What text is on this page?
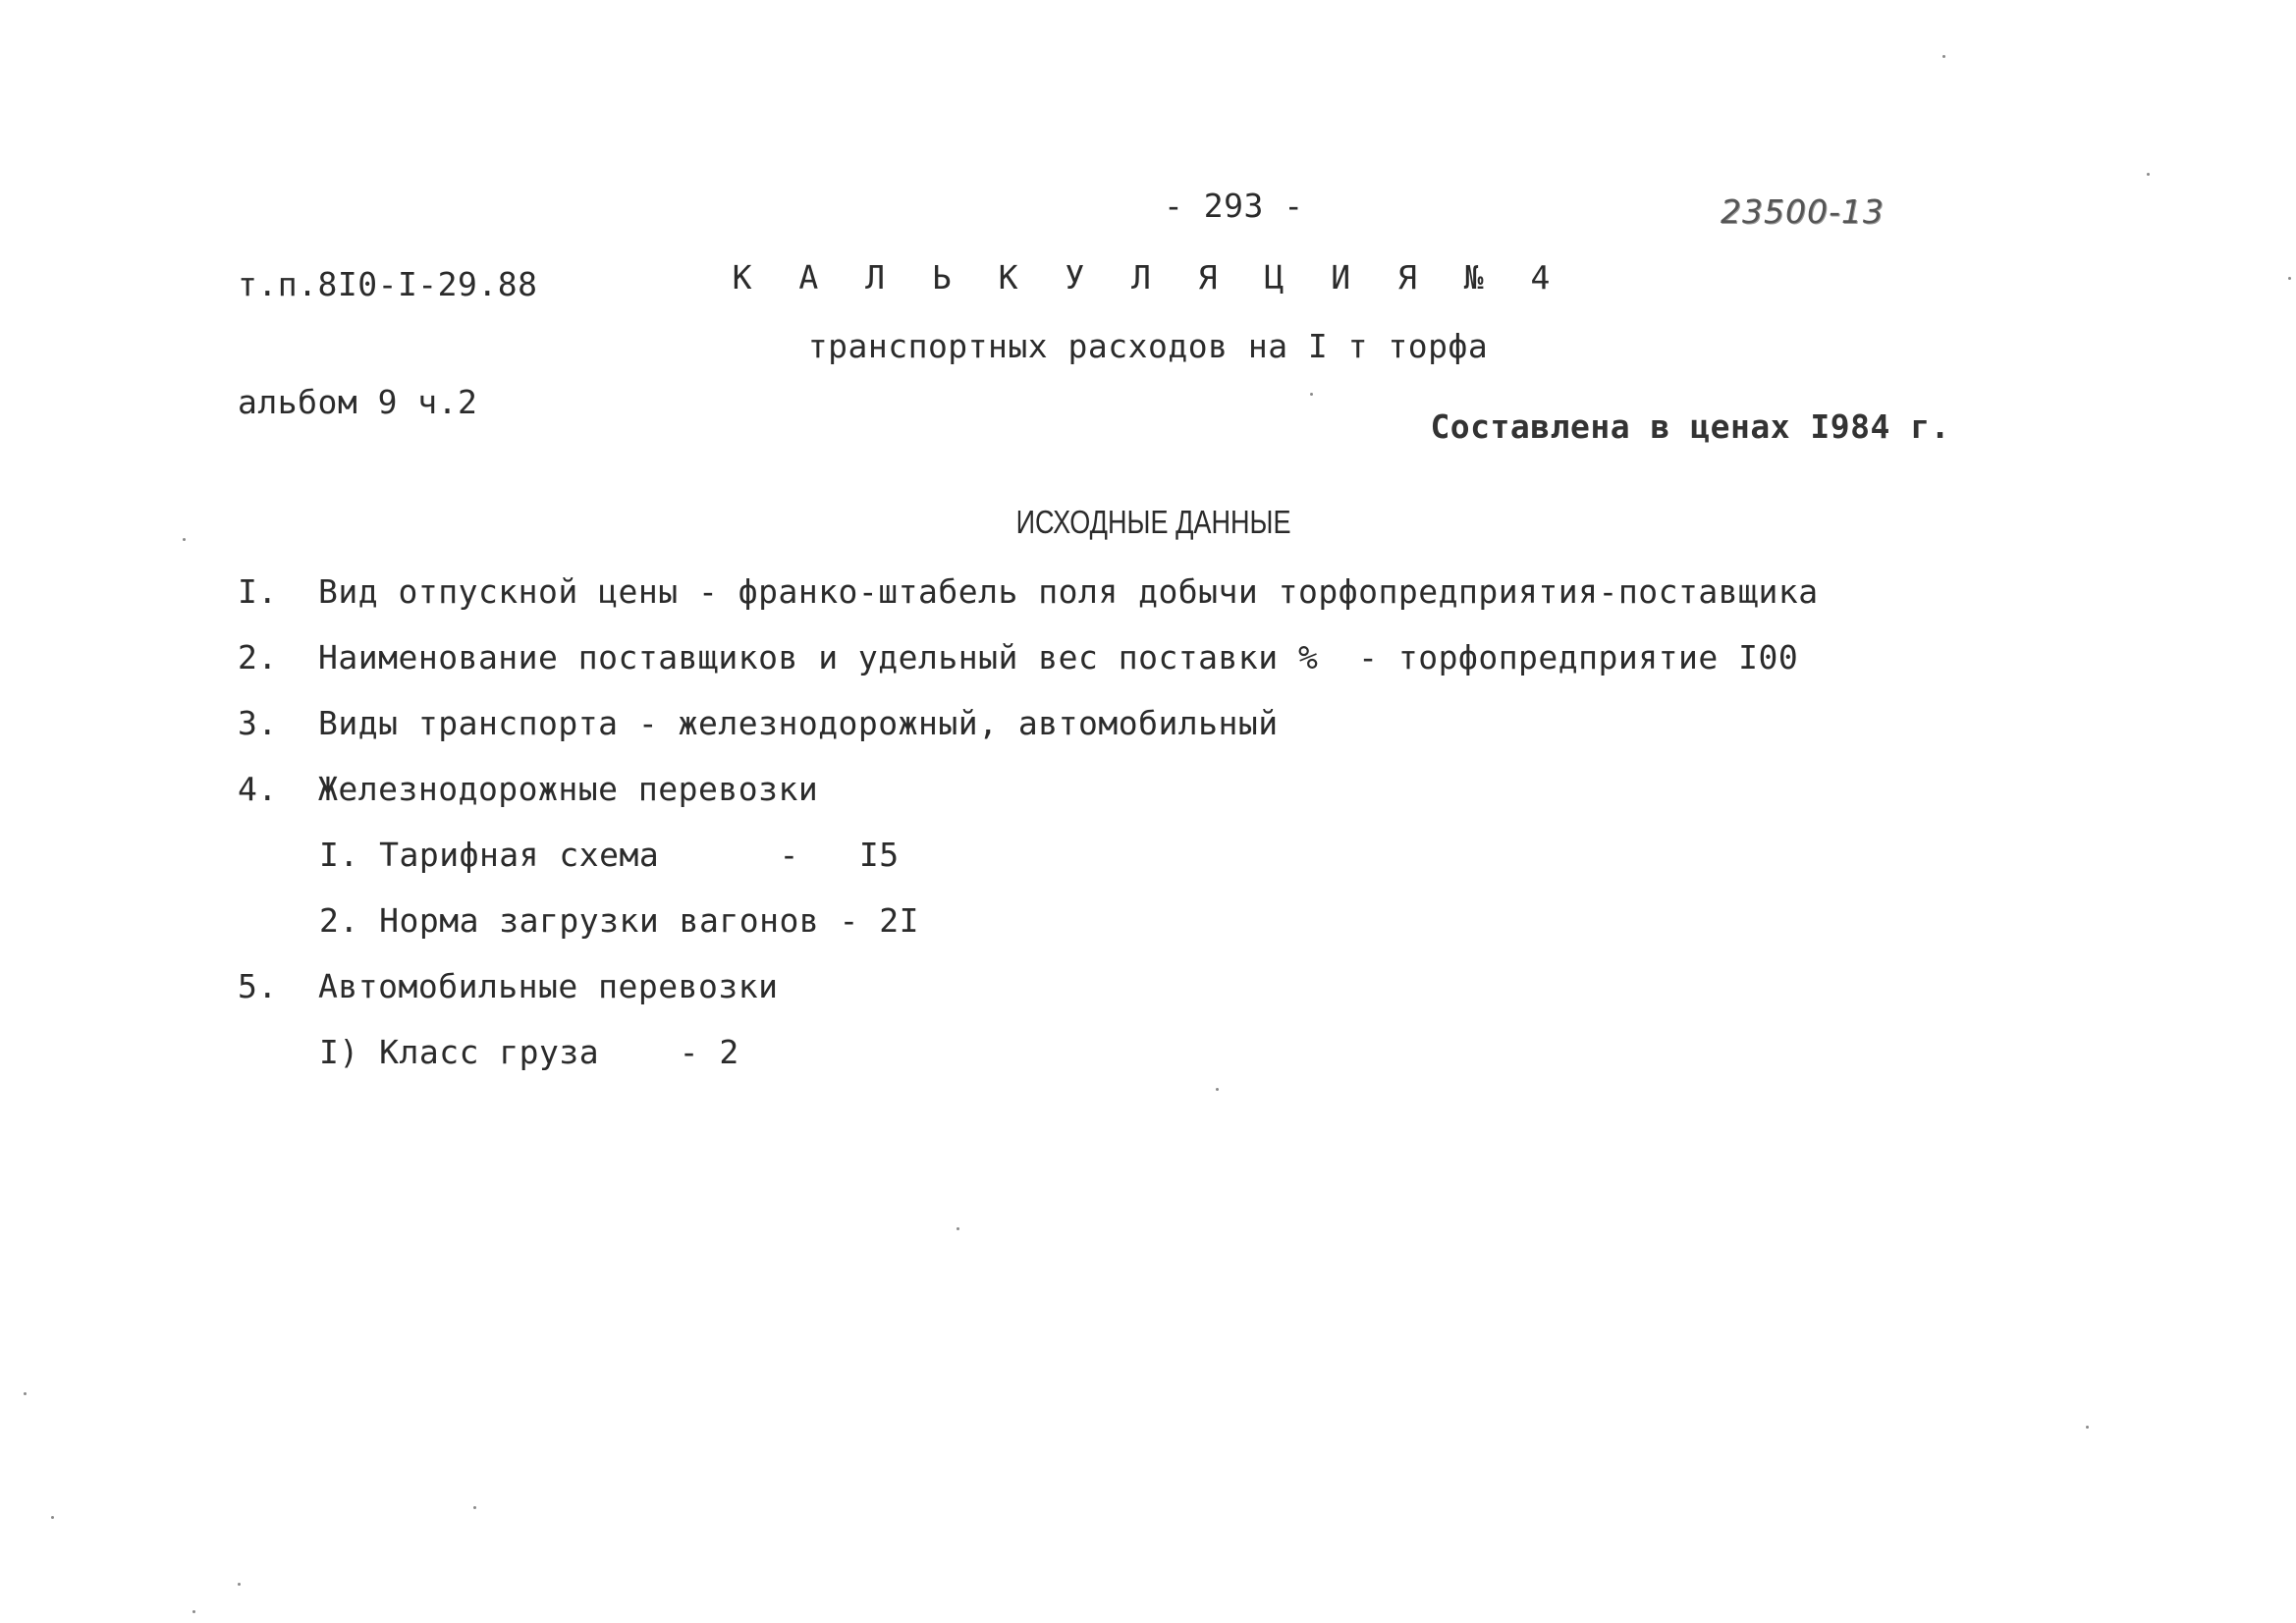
т.п.8I0-I-29.88

альбом 9 ч.2

- 293 -	23500-13
К А Л Ь К У Л Я Ц И Я № 4
транспортных расходов на I т торфа
Составлена в ценах I984 г.
ИСХОДНЫЕ ДАННЫЕ

I.

Вид отпускной цены - франко-штабель поля добычи торфопредприятия-поставщика

2.

Наименование поставщиков и удельный вес поставки %  - торфопредприятие I00

3.

Виды транспорта - железнодорожный, автомобильный

4.

Железнодорожные перевозки

I. Тарифная схема      -   I5
2. Норма загрузки вагонов - 2I

5.

Автомобильные перевозки

I) Класс груза    - 2
